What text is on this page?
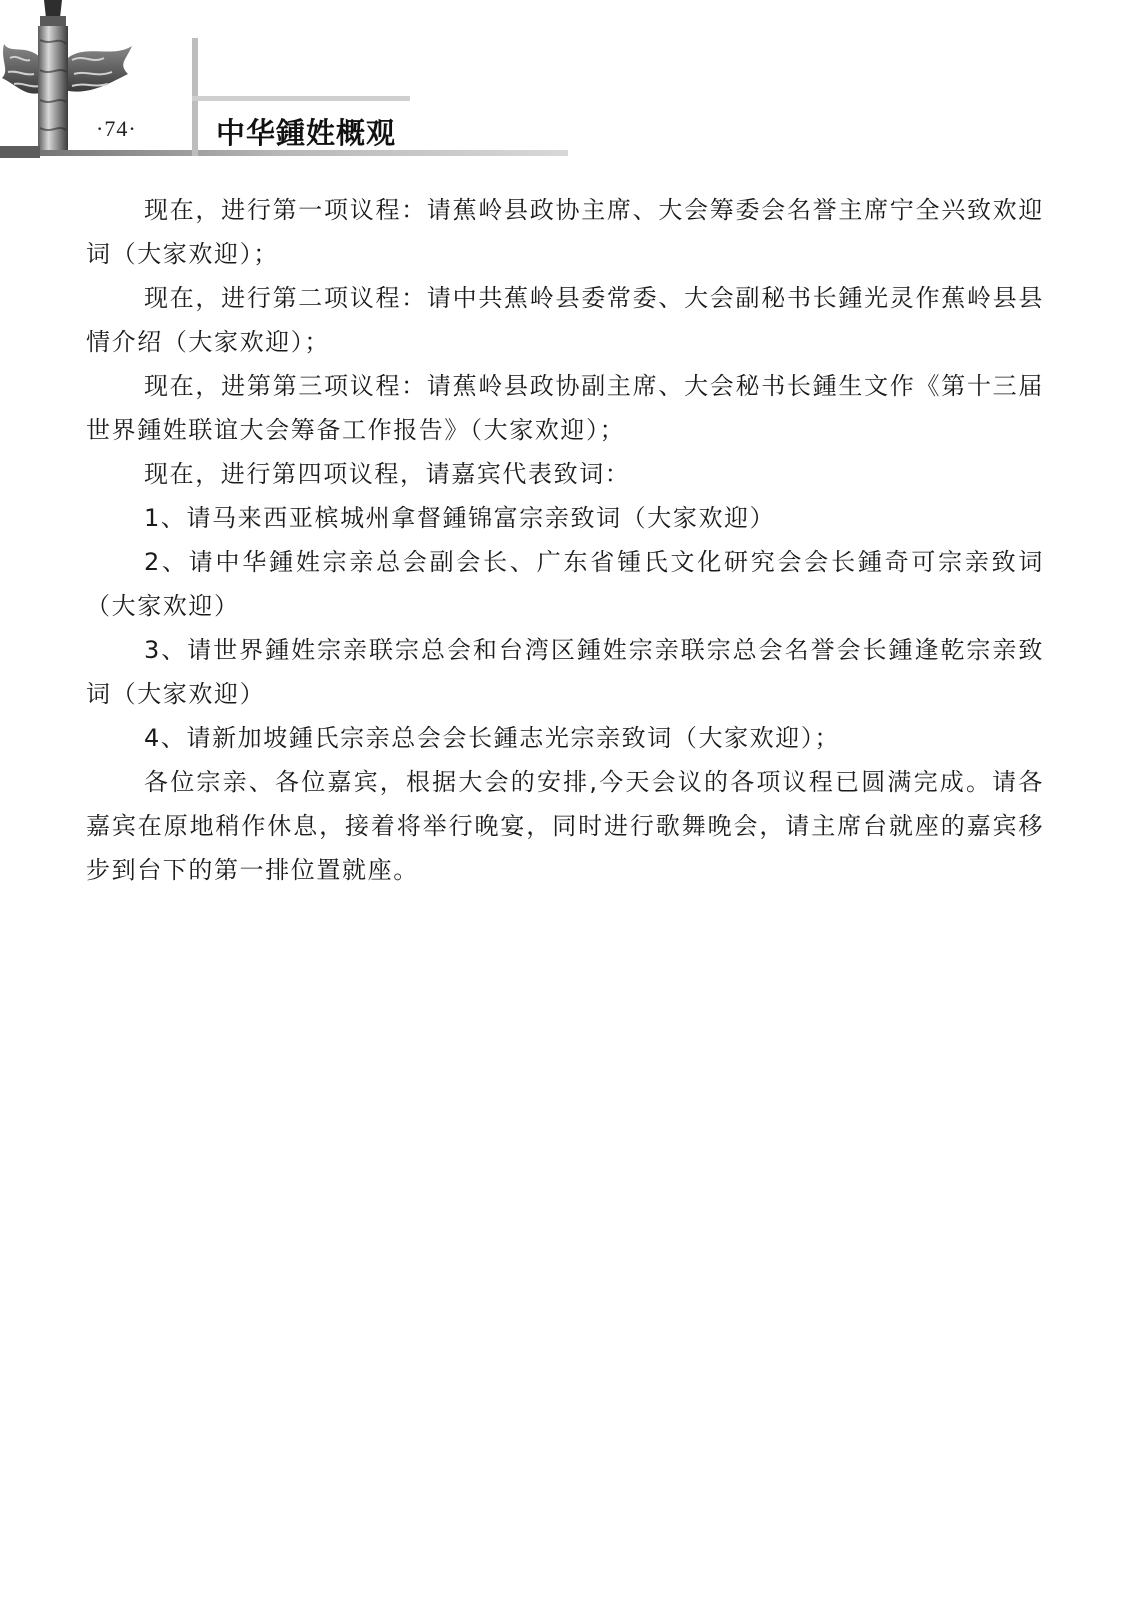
·74·	中华鍾姓概观

现在，进行第一项议程：请蕉岭县政协主席、大会筹委会名誉主席宁全兴致欢迎词（大家欢迎）；

现在，进行第二项议程：请中共蕉岭县委常委、大会副秘书长鍾光灵作蕉岭县县情介绍（大家欢迎）；

现在，进第第三项议程：请蕉岭县政协副主席、大会秘书长鍾生文作《第十三届世界鍾姓联谊大会筹备工作报告》（大家欢迎）；

现在，进行第四项议程，请嘉宾代表致词：

1、请马来西亚槟城州拿督鍾锦富宗亲致词（大家欢迎）

2、请中华鍾姓宗亲总会副会长、广东省锺氏文化研究会会长鍾奇可宗亲致词（大家欢迎）

3、请世界鍾姓宗亲联宗总会和台湾区鍾姓宗亲联宗总会名誉会长鍾逢乾宗亲致词（大家欢迎）

4、请新加坡鍾氏宗亲总会会长鍾志光宗亲致词（大家欢迎）；

各位宗亲、各位嘉宾，根据大会的安排,今天会议的各项议程已圆满完成。请各嘉宾在原地稍作休息，接着将举行晚宴，同时进行歌舞晚会，请主席台就座的嘉宾移步到台下的第一排位置就座。
